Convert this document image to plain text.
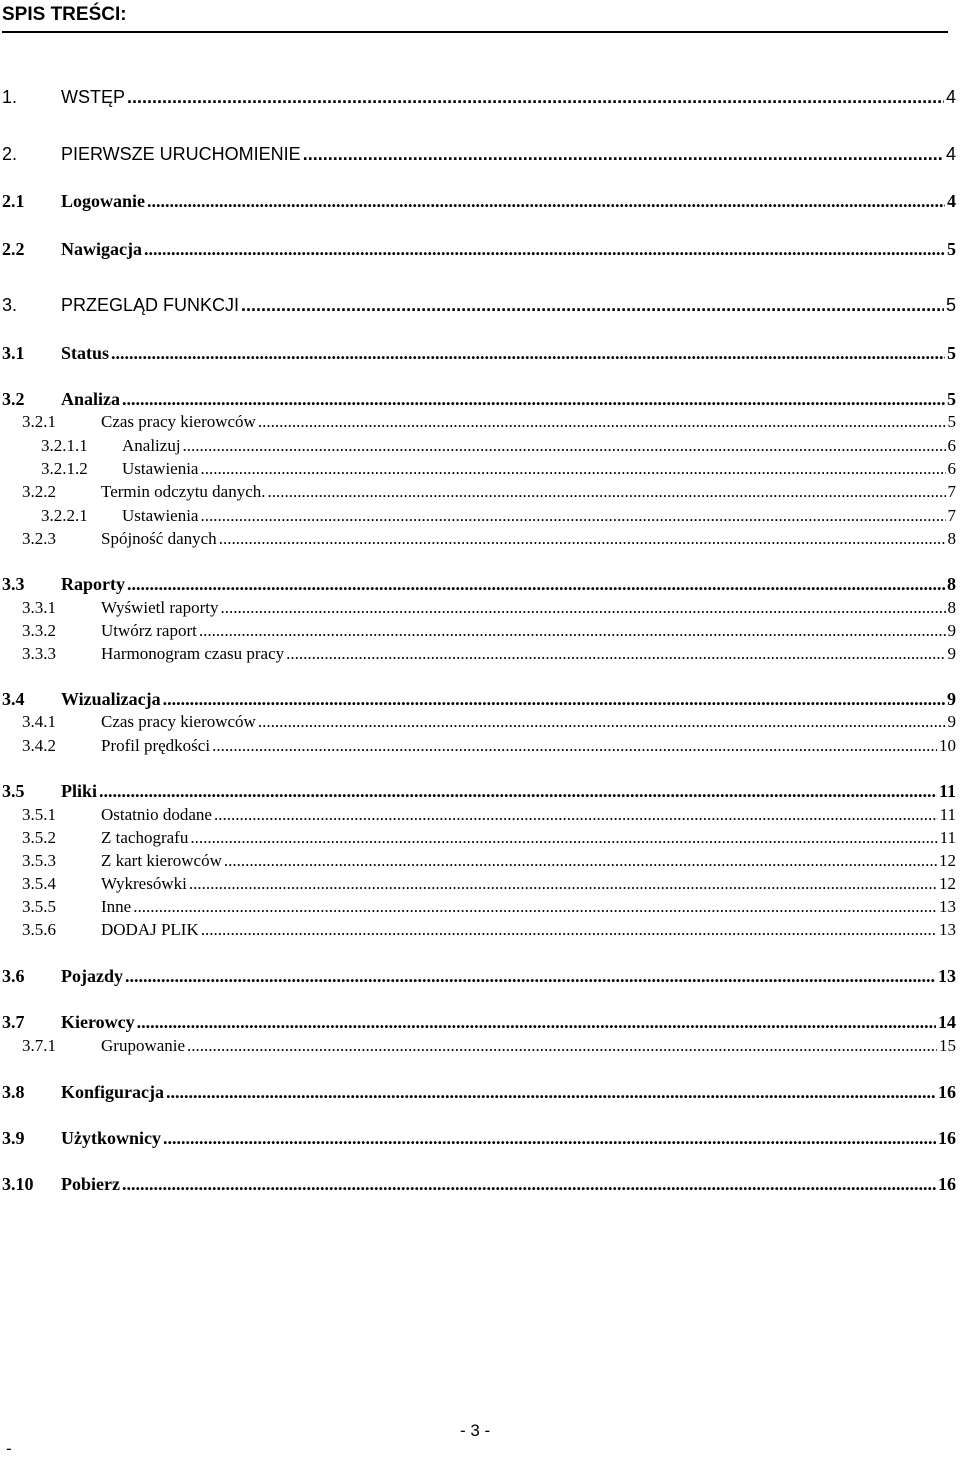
SPIS TREŚCI:
1.	WSTĘP .....	4
2.	PIERWSZE URUCHOMIENIE .....	4
2.1	Logowanie .....	4
2.2	Nawigacja .....	5
3.	PRZEGLĄD FUNKCJI .....	5
3.1	Status .....	5
3.2	Analiza .....	5
3.2.1	Czas pracy kierowców .....	5
3.2.1.1	Analizuj .....	6
3.2.1.2	Ustawienia .....	6
3.2.2	Termin odczytu danych. .....	7
3.2.2.1	Ustawienia .....	7
3.2.3	Spójność danych .....	8
3.3	Raporty .....	8
3.3.1	Wyświetl raporty .....	8
3.3.2	Utwórz raport .....	9
3.3.3	Harmonogram czasu pracy .....	9
3.4	Wizualizacja .....	9
3.4.1	Czas pracy kierowców .....	9
3.4.2	Profil prędkości .....	10
3.5	Pliki .....	11
3.5.1	Ostatnio dodane .....	11
3.5.2	Z tachografu .....	11
3.5.3	Z kart kierowców .....	12
3.5.4	Wykresówki .....	12
3.5.5	Inne .....	13
3.5.6	DODAJ PLIK .....	13
3.6	Pojazdy .....	13
3.7	Kierowcy .....	14
3.7.1	Grupowanie .....	15
3.8	Konfiguracja .....	16
3.9	Użytkownicy .....	16
3.10	Pobierz .....	16
- 3 -
-
